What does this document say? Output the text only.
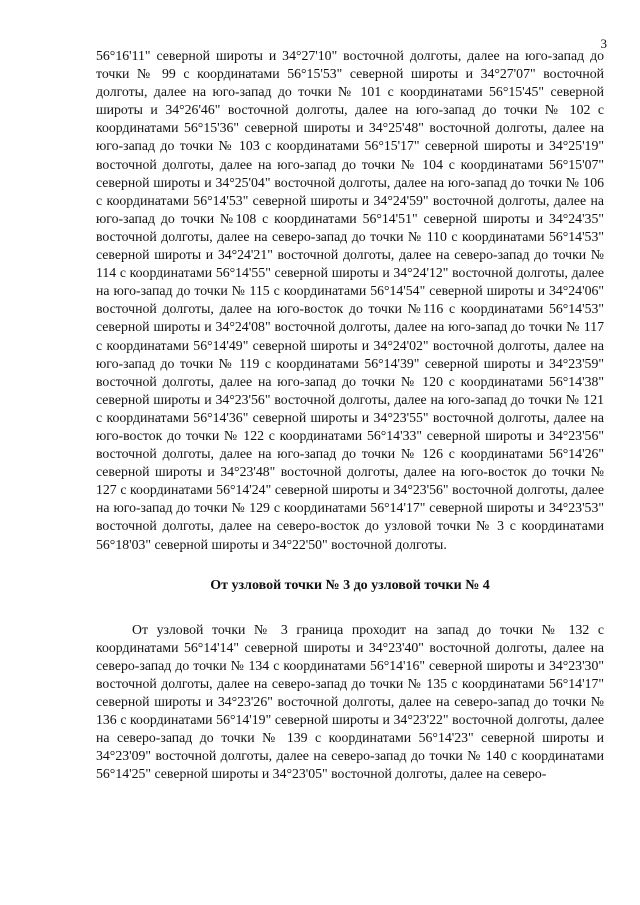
3

56°16'11" северной широты и 34°27'10" восточной долготы, далее на юго-запад до точки № 99 с координатами 56°15'53" северной широты и 34°27'07" восточной долготы, далее на юго-запад до точки № 101 с координатами 56°15'45" северной широты и 34°26'46" восточной долготы, далее на юго-запад до точки № 102 с координатами 56°15'36" северной широты и 34°25'48" восточной долготы, далее на юго-запад до точки № 103 с координатами 56°15'17" северной широты и 34°25'19" восточной долготы, далее на юго-запад до точки № 104 с координатами 56°15'07" северной широты и 34°25'04" восточной долготы, далее на юго-запад до точки № 106 с координатами 56°14'53" северной широты и 34°24'59" восточной долготы, далее на юго-запад до точки №108 с координатами 56°14'51" северной широты и 34°24'35" восточной долготы, далее на северо-запад до точки № 110 с координатами 56°14'53" северной широты и 34°24'21" восточной долготы, далее на северо-запад до точки № 114 с координатами 56°14'55" северной широты и 34°24'12" восточной долготы, далее на юго-запад до точки № 115 с координатами 56°14'54" северной широты и 34°24'06" восточной долготы, далее на юго-восток до точки №116 с координатами 56°14'53" северной широты и 34°24'08" восточной долготы, далее на юго-запад до точки № 117 с координатами 56°14'49" северной широты и 34°24'02" восточной долготы, далее на юго-запад до точки № 119 с координатами 56°14'39" северной широты и 34°23'59" восточной долготы, далее на юго-запад до точки № 120 с координатами 56°14'38" северной широты и 34°23'56" восточной долготы, далее на юго-запад до точки № 121 с координатами 56°14'36" северной широты и 34°23'55" восточной долготы, далее на юго-восток до точки № 122 с координатами 56°14'33" северной широты и 34°23'56" восточной долготы, далее на юго-запад до точки № 126 с координатами 56°14'26" северной широты и 34°23'48" восточной долготы, далее на юго-восток до точки № 127 с координатами 56°14'24" северной широты и 34°23'56" восточной долготы, далее на юго-запад до точки № 129 с координатами 56°14'17" северной широты и 34°23'53" восточной долготы, далее на северо-восток до узловой точки № 3 с координатами 56°18'03" северной широты и 34°22'50" восточной долготы.

От узловой точки № 3 до узловой точки № 4

От узловой точки № 3 граница проходит на запад до точки № 132 с координатами 56°14'14" северной широты и 34°23'40" восточной долготы, далее на северо-запад до точки № 134 с координатами 56°14'16" северной широты и 34°23'30" восточной долготы, далее на северо-запад до точки № 135 с координатами 56°14'17" северной широты и 34°23'26" восточной долготы, далее на северо-запад до точки № 136 с координатами 56°14'19" северной широты и 34°23'22" восточной долготы, далее на северо-запад до точки № 139 с координатами 56°14'23" северной широты и 34°23'09" восточной долготы, далее на северо-запад до точки № 140 с координатами 56°14'25" северной широты и 34°23'05" восточной долготы, далее на северо-
